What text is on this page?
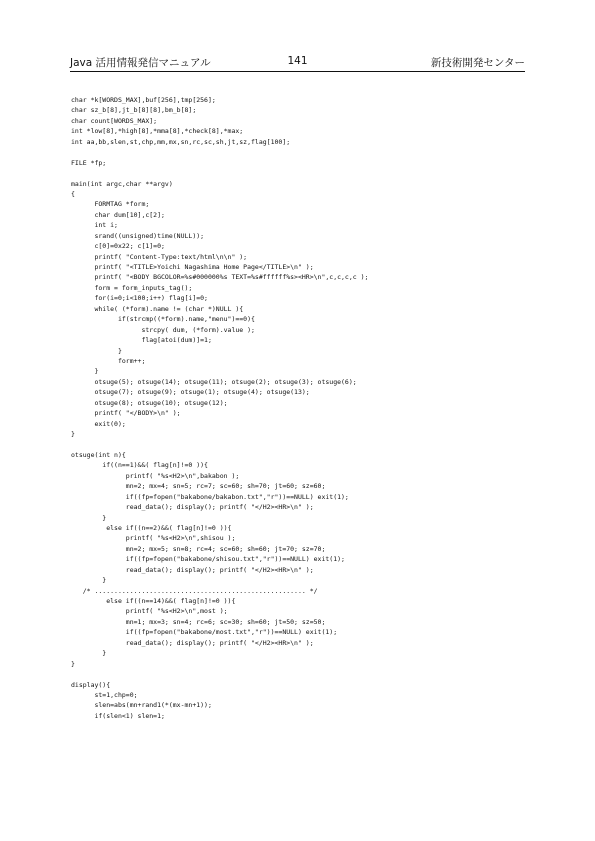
Java 活用情報発信マニュアル	141	新技術開発センター
char *k[WORDS_MAX],buf[256],tmp[256];
char sz_b[8],jt_b[8][8],bm_b[8];
char count[WORDS_MAX];
int *low[8],*high[8],*mma[8],*check[8],*max;
int aa,bb,slen,st,chp,mm,mx,sn,rc,sc,sh,jt,sz,flag[100];
FILE *fp;
main(int argc,char **argv)
{
FORMTAG *form;
char dum[10],c[2];
int i;
srand((unsigned)time(NULL));
c[0]=0x22; c[1]=0;
printf( "Content-Type:text/html\n\n" );
printf( "<TITLE>Yoichi Nagashima Home Page</TITLE>\n" );
printf( "<BODY BGCOLOR=%s#000000%s TEXT=%s#ffffff%s><HR>\n",c,c,c,c );
form = form_inputs_tag();
for(i=0;i<100;i++) flag[i]=0;
while( (*form).name != (char *)NULL ){
if(strcmp((*form).name,"menu")==0){
strcpy( dum, (*form).value );
flag[atoi(dum)]=1;
}
form++;
}
otsuge(5); otsuge(14); otsuge(11); otsuge(2); otsuge(3); otsuge(6);
otsuge(7); otsuge(9); otsuge(1); otsuge(4); otsuge(13);
otsuge(8); otsuge(10); otsuge(12);
printf( "</BODY>\n" );
exit(0);
}
otsuge(int n){
if((n==1)&&( flag[n]!=0 )){
printf( "%s<H2>\n",bakabon );
mn=2; mx=4; sn=5; rc=7; sc=60; sh=70; jt=60; sz=60;
if((fp=fopen("bakabone/bakabon.txt","r"))==NULL) exit(1);
read_data(); display(); printf( "</H2><HR>\n" );
}
else if((n==2)&&( flag[n]!=0 )){
printf( "%s<H2>\n",shisou );
mn=2; mx=5; sn=8; rc=4; sc=60; sh=60; jt=70; sz=70;
if((fp=fopen("bakabone/shisou.txt","r"))==NULL) exit(1);
read_data(); display(); printf( "</H2><HR>\n" );
}
/* ...................................................... */
else if((n==14)&&( flag[n]!=0 )){
printf( "%s<H2>\n",most );
mn=1; mx=3; sn=4; rc=6; sc=30; sh=60; jt=50; sz=50;
if((fp=fopen("bakabone/most.txt","r"))==NULL) exit(1);
read_data(); display(); printf( "</H2><HR>\n" );
}
}
display(){
st=1,chp=0;
slen=abs(mn+rand1(*(mx-mn+1));
if(slen<1) slen=1;
